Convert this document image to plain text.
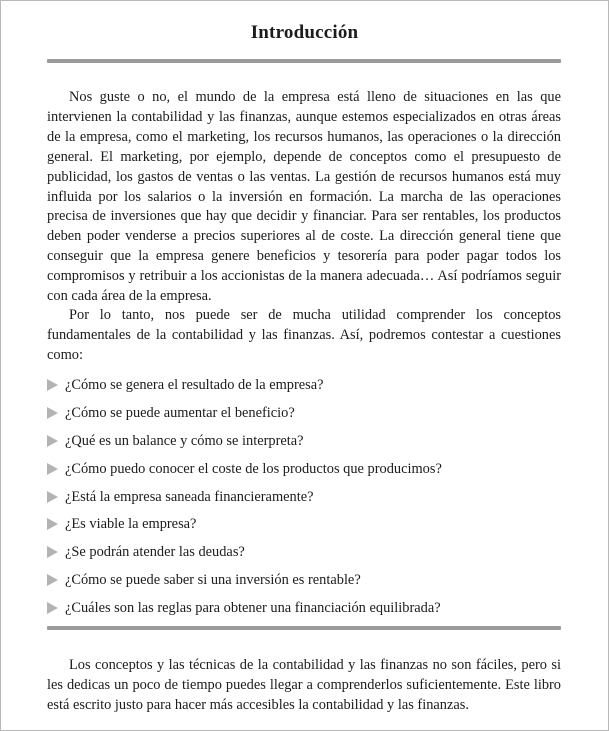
Introducción

Nos guste o no, el mundo de la empresa está lleno de situaciones en las que intervienen la contabilidad y las finanzas, aunque estemos especializados en otras áreas de la empresa, como el marketing, los recursos humanos, las operaciones o la dirección general. El marketing, por ejemplo, depende de conceptos como el presupuesto de publicidad, los gastos de ventas o las ventas. La gestión de recursos humanos está muy influida por los salarios o la inversión en formación. La marcha de las operaciones precisa de inversiones que hay que decidir y financiar. Para ser rentables, los productos deben poder venderse a precios superiores al de coste. La dirección general tiene que conseguir que la empresa genere beneficios y tesorería para poder pagar todos los compromisos y retribuir a los accionistas de la manera adecuada… Así podríamos seguir con cada área de la empresa.

Por lo tanto, nos puede ser de mucha utilidad comprender los conceptos fundamentales de la contabilidad y las finanzas. Así, podremos contestar a cuestiones como:

¿Cómo se genera el resultado de la empresa?
¿Cómo se puede aumentar el beneficio?
¿Qué es un balance y cómo se interpreta?
¿Cómo puedo conocer el coste de los productos que producimos?
¿Está la empresa saneada financieramente?
¿Es viable la empresa?
¿Se podrán atender las deudas?
¿Cómo se puede saber si una inversión es rentable?
¿Cuáles son las reglas para obtener una financiación equilibrada?

Los conceptos y las técnicas de la contabilidad y las finanzas no son fáciles, pero si les dedicas un poco de tiempo puedes llegar a comprenderlos suficientemente. Este libro está escrito justo para hacer más accesibles la contabilidad y las finanzas.
